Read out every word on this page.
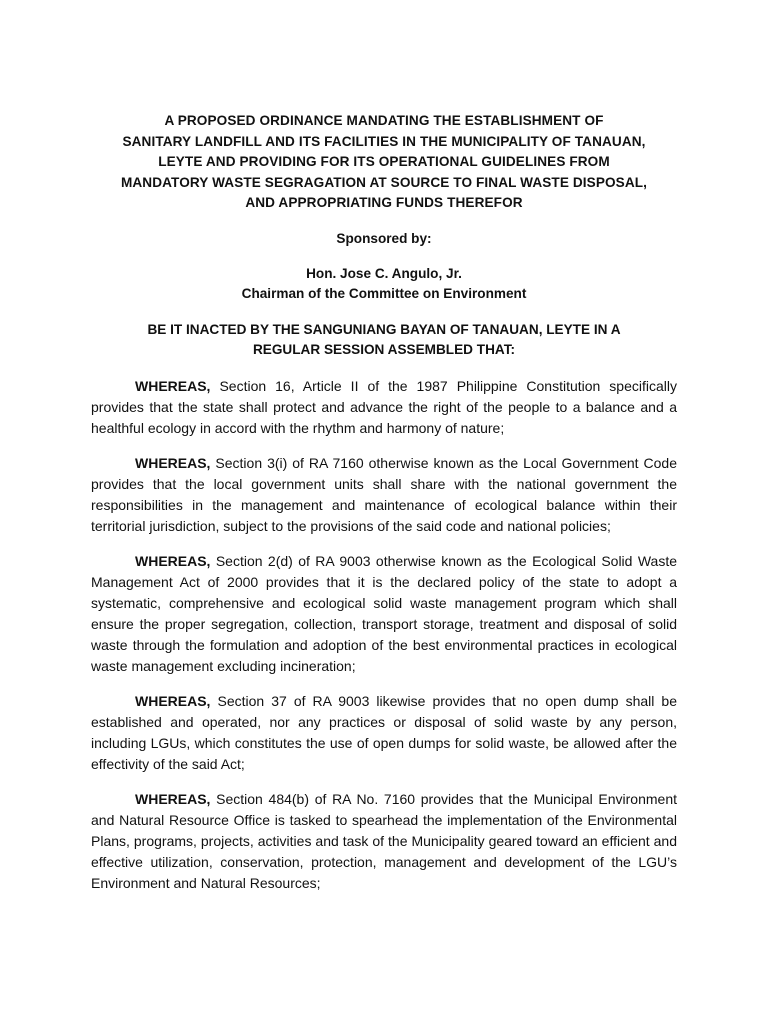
A PROPOSED ORDINANCE MANDATING THE ESTABLISHMENT OF
SANITARY LANDFILL AND ITS FACILITIES IN THE MUNICIPALITY OF TANAUAN,
LEYTE AND PROVIDING FOR ITS OPERATIONAL GUIDELINES FROM
MANDATORY WASTE SEGRAGATION AT SOURCE TO FINAL WASTE DISPOSAL,
AND APPROPRIATING FUNDS THEREFOR

Sponsored by:

Hon. Jose C. Angulo, Jr.
Chairman of the Committee on Environment

BE IT INACTED BY THE SANGUNIANG BAYAN OF TANAUAN, LEYTE IN A
REGULAR SESSION ASSEMBLED THAT:

WHEREAS, Section 16, Article II of the 1987 Philippine Constitution specifically provides that the state shall protect and advance the right of the people to a balance and a healthful ecology in accord with the rhythm and harmony of nature;

WHEREAS, Section 3(i) of RA 7160 otherwise known as the Local Government Code provides that the local government units shall share with the national government the responsibilities in the management and maintenance of ecological balance within their territorial jurisdiction, subject to the provisions of the said code and national policies;

WHEREAS, Section 2(d) of RA 9003 otherwise known as the Ecological Solid Waste Management Act of 2000 provides that it is the declared policy of the state to adopt a systematic, comprehensive and ecological solid waste management program which shall ensure the proper segregation, collection, transport storage, treatment and disposal of solid waste through the formulation and adoption of the best environmental practices in ecological waste management excluding incineration;

WHEREAS, Section 37 of RA 9003 likewise provides that no open dump shall be established and operated, nor any practices or disposal of solid waste by any person, including LGUs, which constitutes the use of open dumps for solid waste, be allowed after the effectivity of the said Act;

WHEREAS, Section 484(b) of RA No. 7160 provides that the Municipal Environment and Natural Resource Office is tasked to spearhead the implementation of the Environmental Plans, programs, projects, activities and task of the Municipality geared toward an efficient and effective utilization, conservation, protection, management and development of the LGU’s Environment and Natural Resources;
